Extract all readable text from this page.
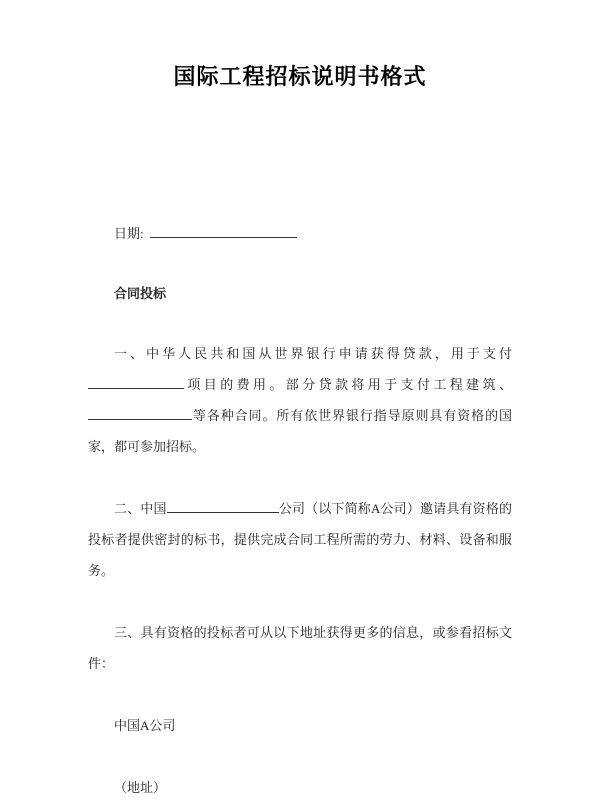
国际工程招标说明书格式

日期:

合同投标

一、中华人民共和国从世界银行申请获得贷款，用于支付项目的费用。部分贷款将用于支付工程建筑、等各种合同。所有依世界银行指导原则具有资格的国家，都可参加招标。

二、中国	公司（以下简称A公司）邀请具有资格的投标者提供密封的标书，提供完成合同工程所需的劳力、材料、设备和服务。

三、具有资格的投标者可从以下地址获得更多的信息，或参看招标文件：

中国A公司

（地址）
